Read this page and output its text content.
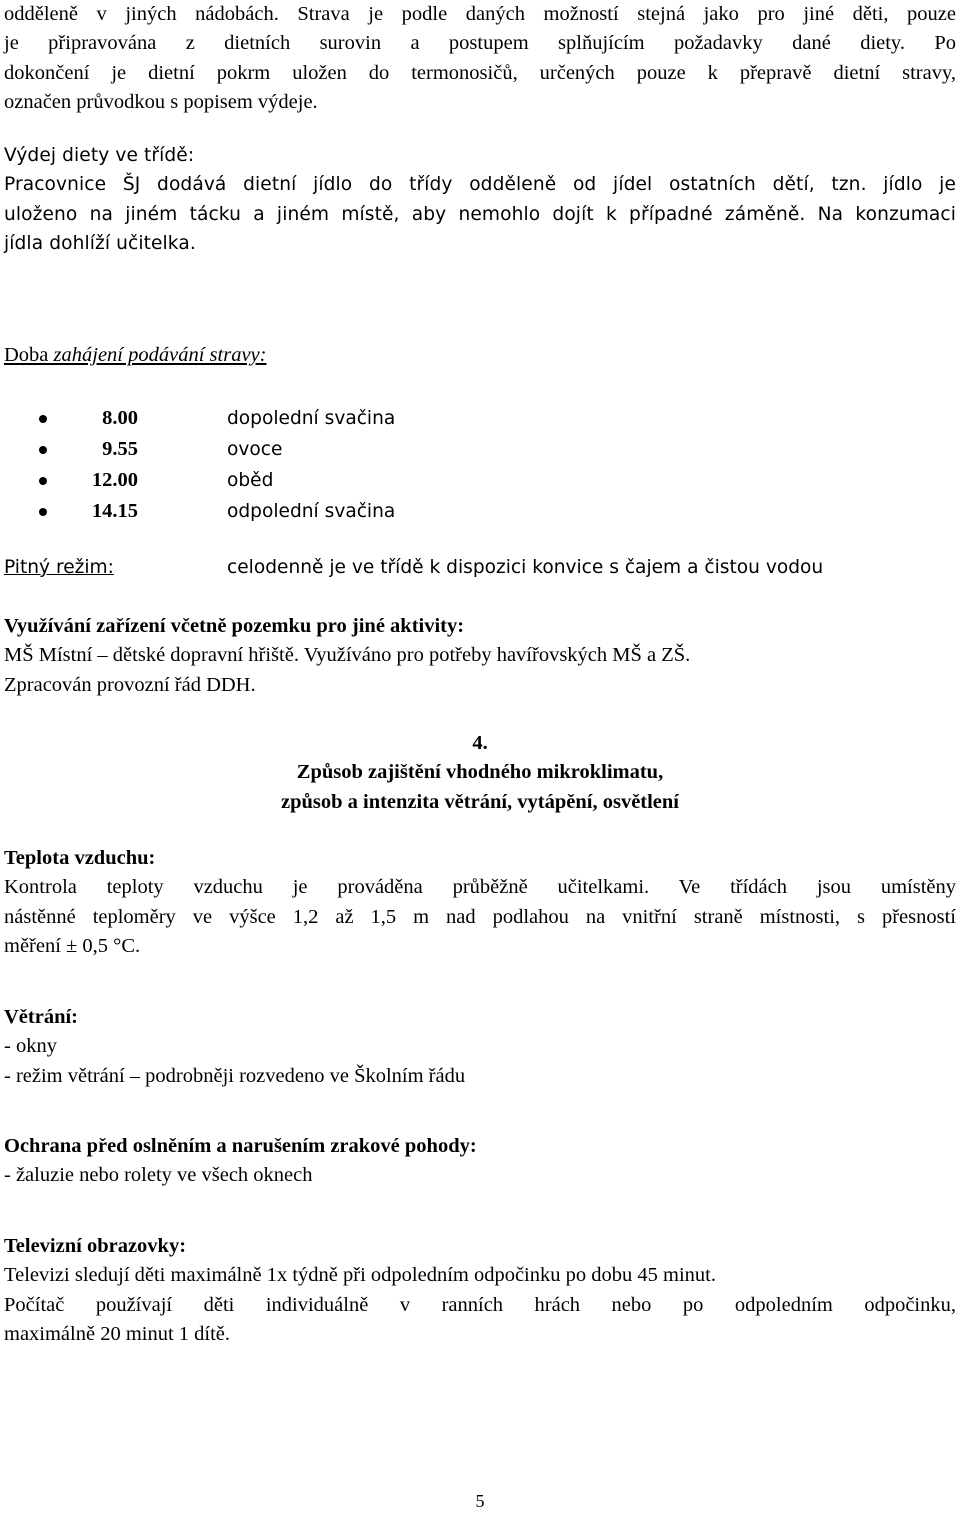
odděleně v jiných nádobách. Strava je podle daných možností stejná jako pro jiné děti, pouze
je připravována z dietních surovin a postupem splňujícím požadavky dané diety. Po
dokončení je dietní pokrm uložen do termonosičů, určených pouze k přepravě dietní stravy,
označen průvodkou s popisem výdeje.
Výdej diety ve třídě:
Pracovnice ŠJ dodává dietní jídlo do třídy odděleně od jídel ostatních dětí, tzn. jídlo je
uloženo na jiném tácku a jiném místě, aby nemohlo dojít k případné záměně. Na konzumaci
jídla dohlíží učitelka.
Doba zahájení podávání stravy:
8.00	dopolední svačina
9.55	ovoce
12.00	oběd
14.15	odpolední svačina
Pitný režim:	celodenně je ve třídě k dispozici konvice s čajem a čistou vodou
Využívání zařízení včetně pozemku pro jiné aktivity:
MŠ Místní – dětské dopravní hřiště. Využíváno pro potřeby havířovských MŠ a ZŠ.
Zpracován provozní řád DDH.
4.
Způsob zajištění vhodného mikroklimatu,
způsob a intenzita větrání, vytápění, osvětlení
Teplota vzduchu:
Kontrola teploty vzduchu je prováděna průběžně učitelkami. Ve třídách jsou umístěny
nástěnné teploměry ve výšce 1,2 až 1,5 m nad podlahou na vnitřní straně místnosti, s přesností
měření ± 0,5 °C.
Větrání:
- okny
- režim větrání – podrobněji rozvedeno ve Školním řádu
Ochrana před oslněním a narušením zrakové pohody:
- žaluzie nebo rolety ve všech oknech
Televizní obrazovky:
Televizi sledují děti maximálně 1x týdně při odpoledním odpočinku po dobu 45 minut.
Počítač používají děti individuálně v ranních hrách nebo po odpoledním odpočinku,
maximálně 20 minut 1 dítě.
5
